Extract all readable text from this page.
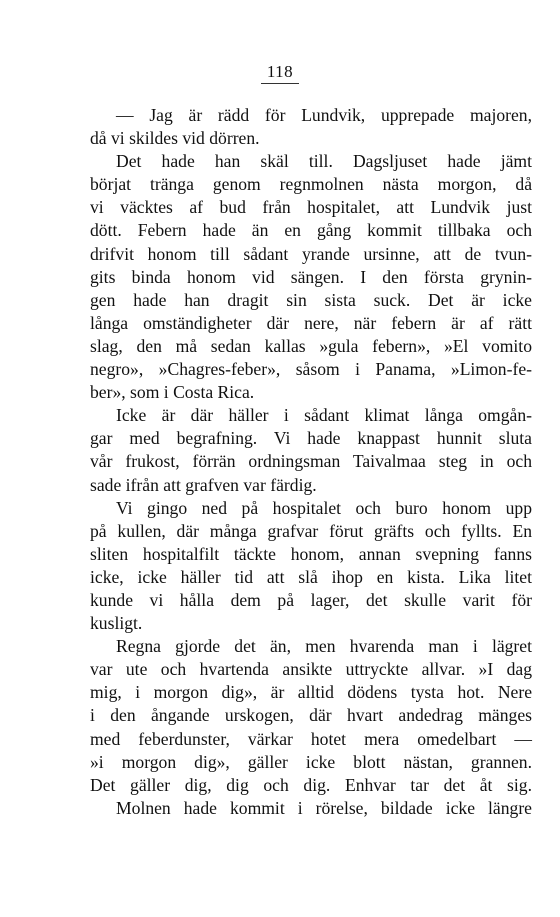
118
— Jag är rädd för Lundvik, upprepade majoren,
då vi skildes vid dörren.
Det hade han skäl till. Dagsljuset hade jämt
börjat tränga genom regnmolnen nästa morgon, då
vi väcktes af bud från hospitalet, att Lundvik just
dött. Febern hade än en gång kommit tillbaka och
drifvit honom till sådant yrande ursinne, att de tvun-
gits binda honom vid sängen. I den första grynin-
gen hade han dragit sin sista suck. Det är icke
långa omständigheter där nere, när febern är af rätt
slag, den må sedan kallas »gula febern», »El vomito
negro», »Chagres-feber», såsom i Panama, »Limon-fe-
ber», som i Costa Rica.
Icke är där häller i sådant klimat långa omgån-
gar med begrafning. Vi hade knappast hunnit sluta
vår frukost, förrän ordningsman Taivalmaa steg in och
sade ifrån att grafven var färdig.
Vi gingo ned på hospitalet och buro honom upp
på kullen, där många grafvar förut gräfts och fyllts. En
sliten hospitalfilt täckte honom, annan svepning fanns
icke, icke häller tid att slå ihop en kista. Lika litet
kunde vi hålla dem på lager, det skulle varit för
kusligt.
Regna gjorde det än, men hvarenda man i lägret
var ute och hvartenda ansikte uttryckte allvar. »I dag
mig, i morgon dig», är alltid dödens tysta hot. Nere
i den ångande urskogen, där hvart andedrag mänges
med feberdunster, värkar hotet mera omedelbart —
»i morgon dig», gäller icke blott nästan, grannen.
Det gäller dig, dig och dig. Enhvar tar det åt sig.
Molnen hade kommit i rörelse, bildade icke längre
